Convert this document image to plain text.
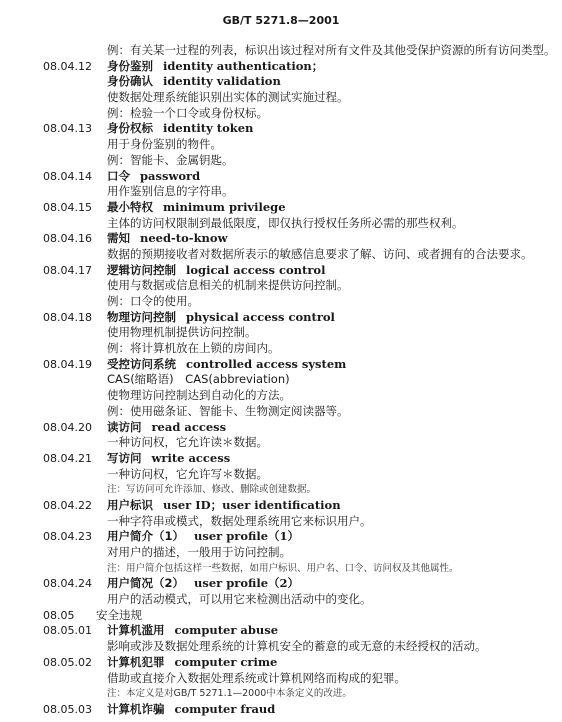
GB/T 5271.8—2001
例：有关某一过程的列表，标识出该过程对所有文件及其他受保护资源的所有访问类型。
08.04.12 身份鉴别 identity authentication；
身份确认 identity validation
使数据处理系统能识别出实体的测试实施过程。
例：检验一个口令或身份权标。
08.04.13 身份权标 identity token
用于身份鉴别的物件。
例：智能卡、金属钥匙。
08.04.14 口令 password
用作鉴别信息的字符串。
08.04.15 最小特权 minimum privilege
主体的访问权限制到最低限度，即仅执行授权任务所必需的那些权利。
08.04.16 需知 need-to-know
数据的预期接收者对数据所表示的敏感信息要求了解、访问、或者拥有的合法要求。
08.04.17 逻辑访问控制 logical access control
使用与数据或信息相关的机制来提供访问控制。
例：口令的使用。
08.04.18 物理访问控制 physical access control
使用物理机制提供访问控制。
例：将计算机放在上锁的房间内。
08.04.19 受控访问系统 controlled access system
CAS(缩略语)　CAS(abbreviation)
使物理访问控制达到自动化的方法。
例：使用磁条证、智能卡、生物测定阅读器等。
08.04.20 读访问 read access
一种访问权，它允许读＊数据。
08.04.21 写访问 write access
一种访问权，它允许写＊数据。
注：写访问可允许添加、修改、删除或创建数据。
08.04.22 用户标识 user ID；user identification
一种字符串或模式，数据处理系统用它来标识用户。
08.04.23 用户简介（1） user profile（1）
对用户的描述，一般用于访问控制。
注：用户简介包括这样一些数据，如用户标识、用户名、口令、访问权及其他属性。
08.04.24 用户简况（2） user profile（2）
用户的活动模式，可以用它来检测出活动中的变化。
08.05 安全违规
08.05.01 计算机滥用 computer abuse
影响或涉及数据处理系统的计算机安全的蓄意的或无意的未经授权的活动。
08.05.02 计算机犯罪 computer crime
借助或直接介入数据处理系统或计算机网络而构成的犯罪。
注：本定义是对GB/T 5271.1—2000中本条定义的改进。
08.05.03 计算机诈骗 computer fraud
